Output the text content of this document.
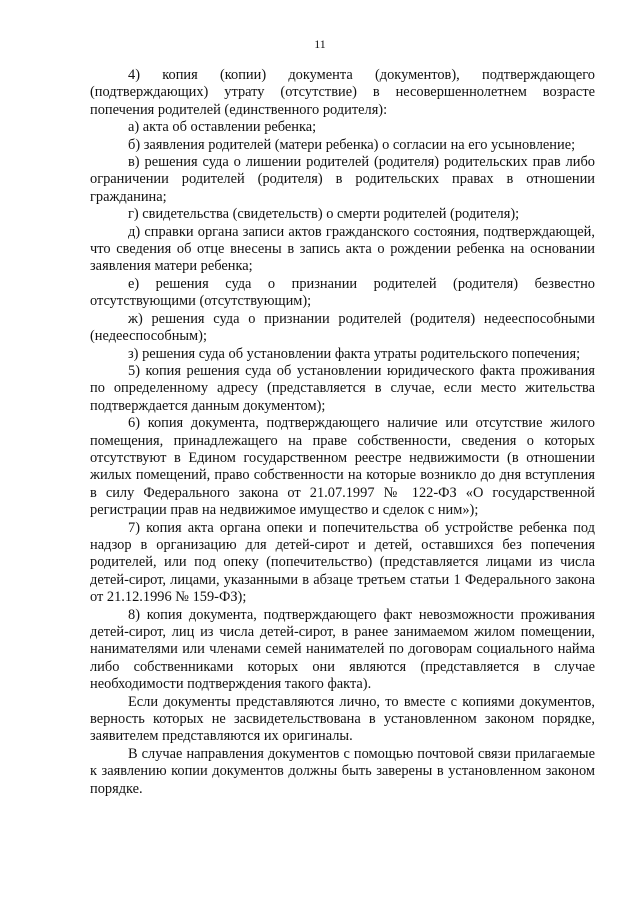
11

4) копия (копии) документа (документов), подтверждающего (подтверждающих) утрату (отсутствие) в несовершеннолетнем возрасте попечения родителей (единственного родителя):

а) акта об оставлении ребенка;

б) заявления родителей (матери ребенка) о согласии на его усыновление;

в) решения суда о лишении родителей (родителя) родительских прав либо ограничении родителей (родителя) в родительских правах в отношении гражданина;

г) свидетельства (свидетельств) о смерти родителей (родителя);

д) справки органа записи актов гражданского состояния, подтверждающей, что сведения об отце внесены в запись акта о рождении ребенка на основании заявления матери ребенка;

е) решения суда о признании родителей (родителя) безвестно отсутствующими (отсутствующим);

ж) решения суда о признании родителей (родителя) недееспособными (недееспособным);

з) решения суда об установлении факта утраты родительского попечения;

5) копия решения суда об установлении юридического факта проживания по определенному адресу (представляется в случае, если место жительства подтверждается данным документом);

6) копия документа, подтверждающего наличие или отсутствие жилого помещения, принадлежащего на праве собственности, сведения о которых отсутствуют в Едином государственном реестре недвижимости (в отношении жилых помещений, право собственности на которые возникло до дня вступления в силу Федерального закона от 21.07.1997 № 122-ФЗ «О государственной регистрации прав на недвижимое имущество и сделок с ним»);

7) копия акта органа опеки и попечительства об устройстве ребенка под надзор в организацию для детей-сирот и детей, оставшихся без попечения родителей, или под опеку (попечительство) (представляется лицами из числа детей-сирот, лицами, указанными в абзаце третьем статьи 1 Федерального закона от 21.12.1996 № 159-ФЗ);

8) копия документа, подтверждающего факт невозможности проживания детей-сирот, лиц из числа детей-сирот, в ранее занимаемом жилом помещении, нанимателями или членами семей нанимателей по договорам социального найма либо собственниками которых они являются (представляется в случае необходимости подтверждения такого факта).

Если документы представляются лично, то вместе с копиями документов, верность которых не засвидетельствована в установленном законом порядке, заявителем представляются их оригиналы.

В случае направления документов с помощью почтовой связи прилагаемые к заявлению копии документов должны быть заверены в установленном законом порядке.
